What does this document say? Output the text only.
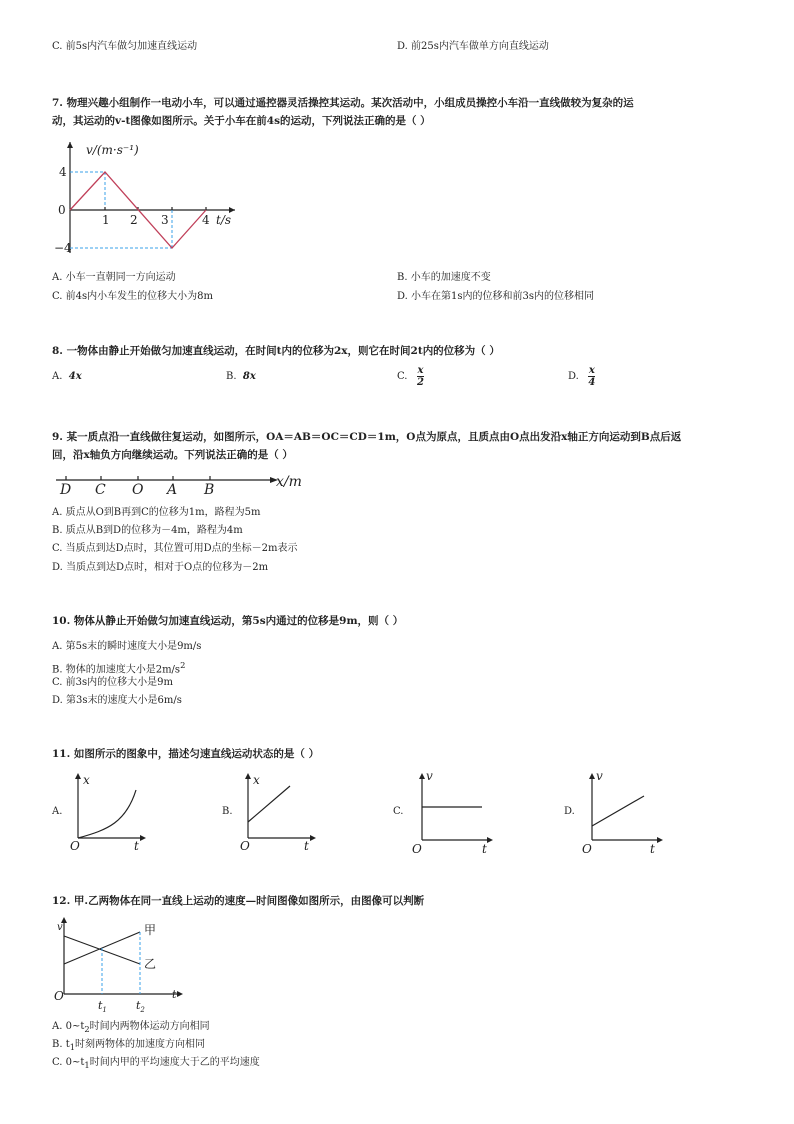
C. 前5s内汽车做匀加速直线运动	D. 前25s内汽车做单方向直线运动
7. 物理兴趣小组制作一电动小车，可以通过遥控器灵活操控其运动。某次活动中，小组成员操控小车沿一直线做较为复杂的运
动，其运动的v-t图像如图所示。关于小车在前4s的运动，下列说法正确的是（ ）
v/(m·s⁻¹)
t/s
4
0
−4
1 2 3	4
A. 小车一直朝同一方向运动	B. 小车的加速度不变
C. 前4s内小车发生的位移大小为8m	D. 小车在第1s内的位移和前3s内的位移相同
8. 一物体由静止开始做匀加速直线运动，在时间t内的位移为2x，则它在时间2t内的位移为（ ）
A. 4x	B. 8x	C. $\frac{x}{2}$	D. $\frac{x}{4}$
9. 某一质点沿一直线做往复运动，如图所示，OA＝AB＝OC＝CD＝1m，O点为原点，且质点由O点出发沿x轴正方向运动到B点后返
回，沿x轴负方向继续运动。下列说法正确的是（ ）
D C O A B	x/m
A. 质点从O到B再到C的位移为1m，路程为5m
B. 质点从B到D的位移为－4m，路程为4m
C. 当质点到达D点时，其位置可用D点的坐标－2m表示
D. 当质点到达D点时，相对于O点的位移为－2m
10. 物体从静止开始做匀加速直线运动，第5s内通过的位移是9m，则（ ）
A. 第5s末的瞬时速度大小是9m/s
B. 物体的加速度大小是$2m/s^2$
C. 前3s内的位移大小是9m
D. 第3s末的速度大小是6m/s
11. 如图所示的图象中，描述匀速直线运动状态的是（ ）
A.
x
t
O
B.
x
t
O
C.
v
t
O
D.
v
t
O
12. 甲.乙两物体在同一直线上运动的速度—时间图像如图所示，由图像可以判断
v
t
O
甲
乙
$t_1$	$t_2$
A. $0\sim t_2$时间内两物体运动方向相同
B. $t_1$时刻两物体的加速度方向相同
C. $0\sim t_1$时间内甲的平均速度大于乙的平均速度
